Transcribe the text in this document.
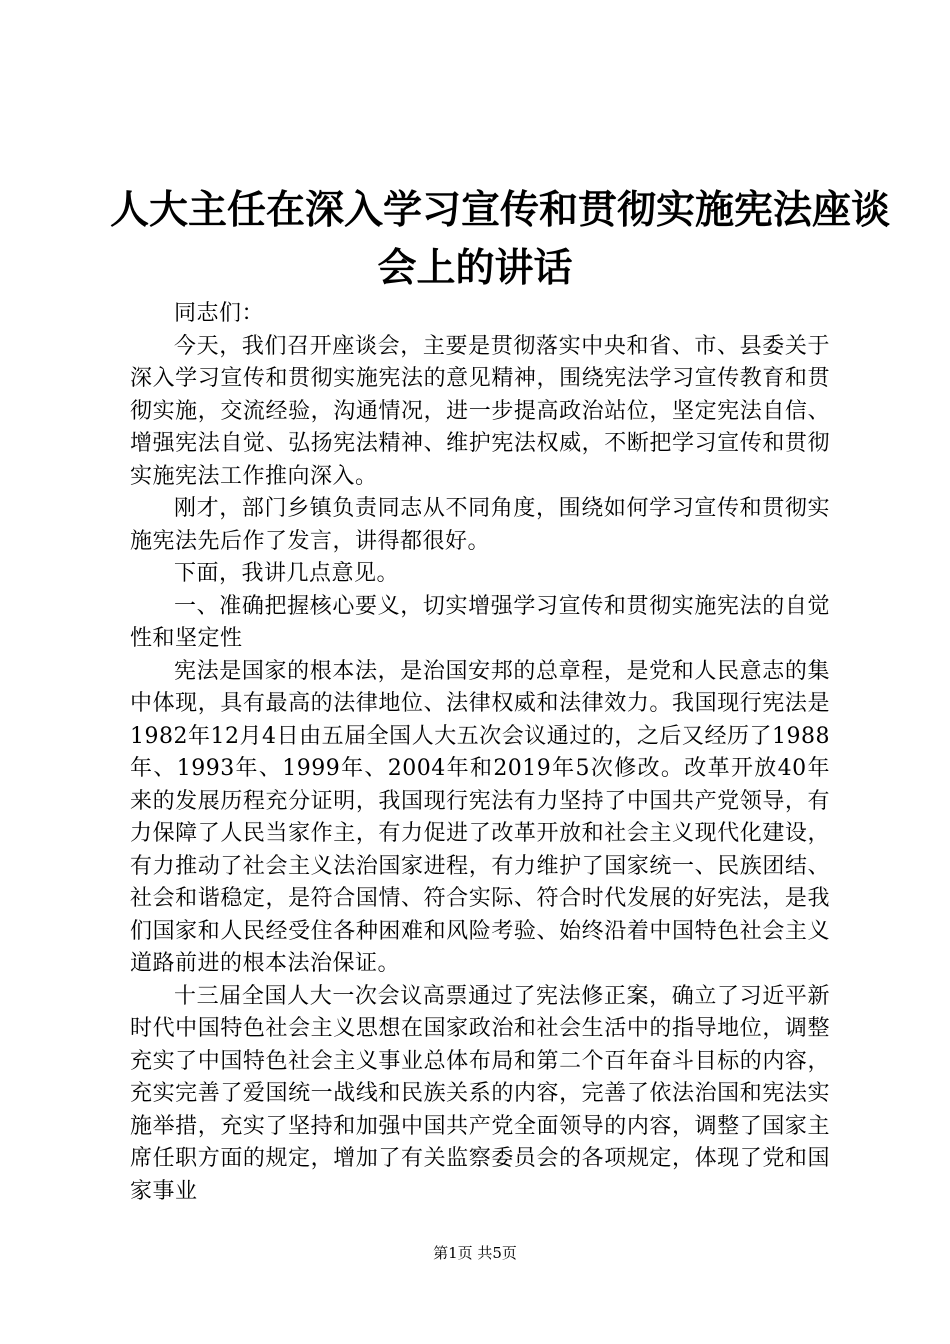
人大主任在深入学习宣传和贯彻实施宪法座谈
会上的讲话

同志们：

今天，我们召开座谈会，主要是贯彻落实中央和省、市、县委关于深入学习宣传和贯彻实施宪法的意见精神，围绕宪法学习宣传教育和贯彻实施，交流经验，沟通情况，进一步提高政治站位，坚定宪法自信、增强宪法自觉、弘扬宪法精神、维护宪法权威，不断把学习宣传和贯彻实施宪法工作推向深入。

刚才，部门乡镇负责同志从不同角度，围绕如何学习宣传和贯彻实施宪法先后作了发言，讲得都很好。

下面，我讲几点意见。

一、准确把握核心要义，切实增强学习宣传和贯彻实施宪法的自觉性和坚定性

宪法是国家的根本法，是治国安邦的总章程，是党和人民意志的集中体现，具有最高的法律地位、法律权威和法律效力。我国现行宪法是1982年12月4日由五届全国人大五次会议通过的，之后又经历了1988年、1993年、1999年、2004年和2019年5次修改。改革开放40年来的发展历程充分证明，我国现行宪法有力坚持了中国共产党领导，有力保障了人民当家作主，有力促进了改革开放和社会主义现代化建设，有力推动了社会主义法治国家进程，有力维护了国家统一、民族团结、社会和谐稳定，是符合国情、符合实际、符合时代发展的好宪法，是我们国家和人民经受住各种困难和风险考验、始终沿着中国特色社会主义道路前进的根本法治保证。

十三届全国人大一次会议高票通过了宪法修正案，确立了习近平新时代中国特色社会主义思想在国家政治和社会生活中的指导地位，调整充实了中国特色社会主义事业总体布局和第二个百年奋斗目标的内容，充实完善了爱国统一战线和民族关系的内容，完善了依法治国和宪法实施举措，充实了坚持和加强中国共产党全面领导的内容，调整了国家主席任职方面的规定，增加了有关监察委员会的各项规定，体现了党和国家事业

第1页 共5页
